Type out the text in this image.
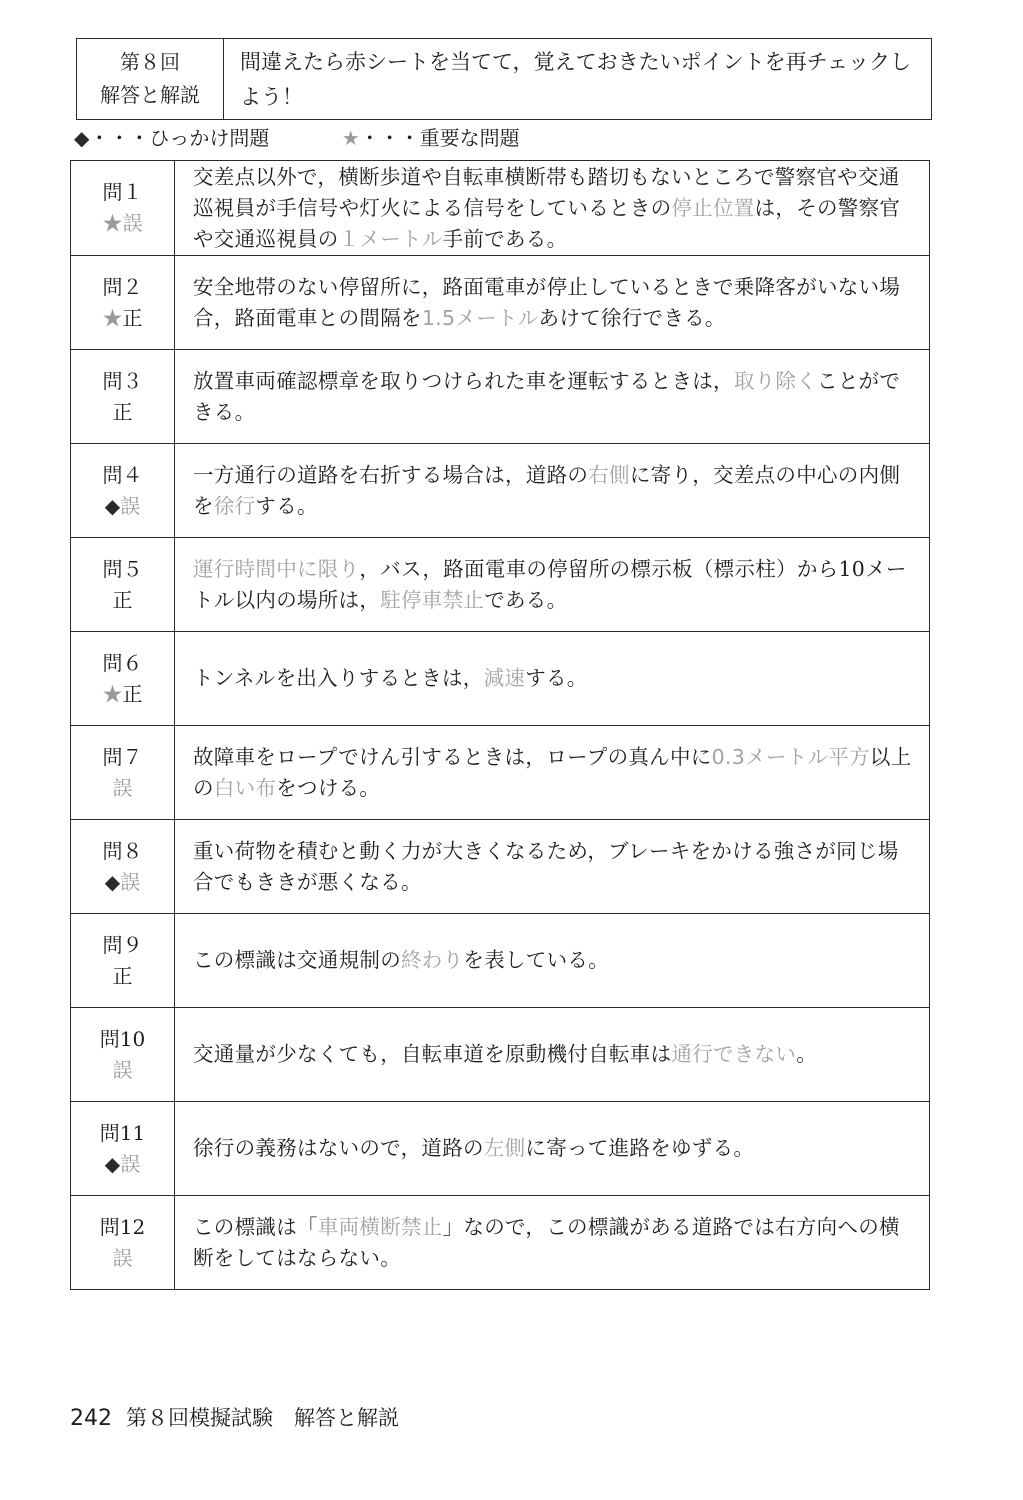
第８回
解答と解説
間違えたら赤シートを当てて，覚えておきたいポイントを再チェックしよう！
◆・・・ひっかけ問題	★・・・重要な問題
問１
★誤

交差点以外で，横断歩道や自転車横断帯も踏切もないところで警察官や交通巡視員が手信号や灯火による信号をしているときの停止位置は，その警察官や交通巡視員の１メートル手前である。

問２
★正

安全地帯のない停留所に，路面電車が停止しているときで乗降客がいない場合，路面電車との間隔を1.5メートルあけて徐行できる。

問３
正

放置車両確認標章を取りつけられた車を運転するときは，取り除くことができる。

問４
◆誤

一方通行の道路を右折する場合は，道路の右側に寄り，交差点の中心の内側を徐行する。

問５
正

運行時間中に限り，バス，路面電車の停留所の標示板（標示柱）から10メートル以内の場所は，駐停車禁止である。

問６
★正

トンネルを出入りするときは，減速する。

問７
誤

故障車をロープでけん引するときは，ロープの真ん中に0.3メートル平方以上の白い布をつける。

問８
◆誤

重い荷物を積むと動く力が大きくなるため，ブレーキをかける強さが同じ場合でもききが悪くなる。

問９
正

この標識は交通規制の終わりを表している。

問10
誤

交通量が少なくても，自転車道を原動機付自転車は通行できない。

問11
◆誤

徐行の義務はないので，道路の左側に寄って進路をゆずる。

問12
誤

この標識は「車両横断禁止」なので，この標識がある道路では右方向への横断をしてはならない。

242 第８回模擬試験　解答と解説
